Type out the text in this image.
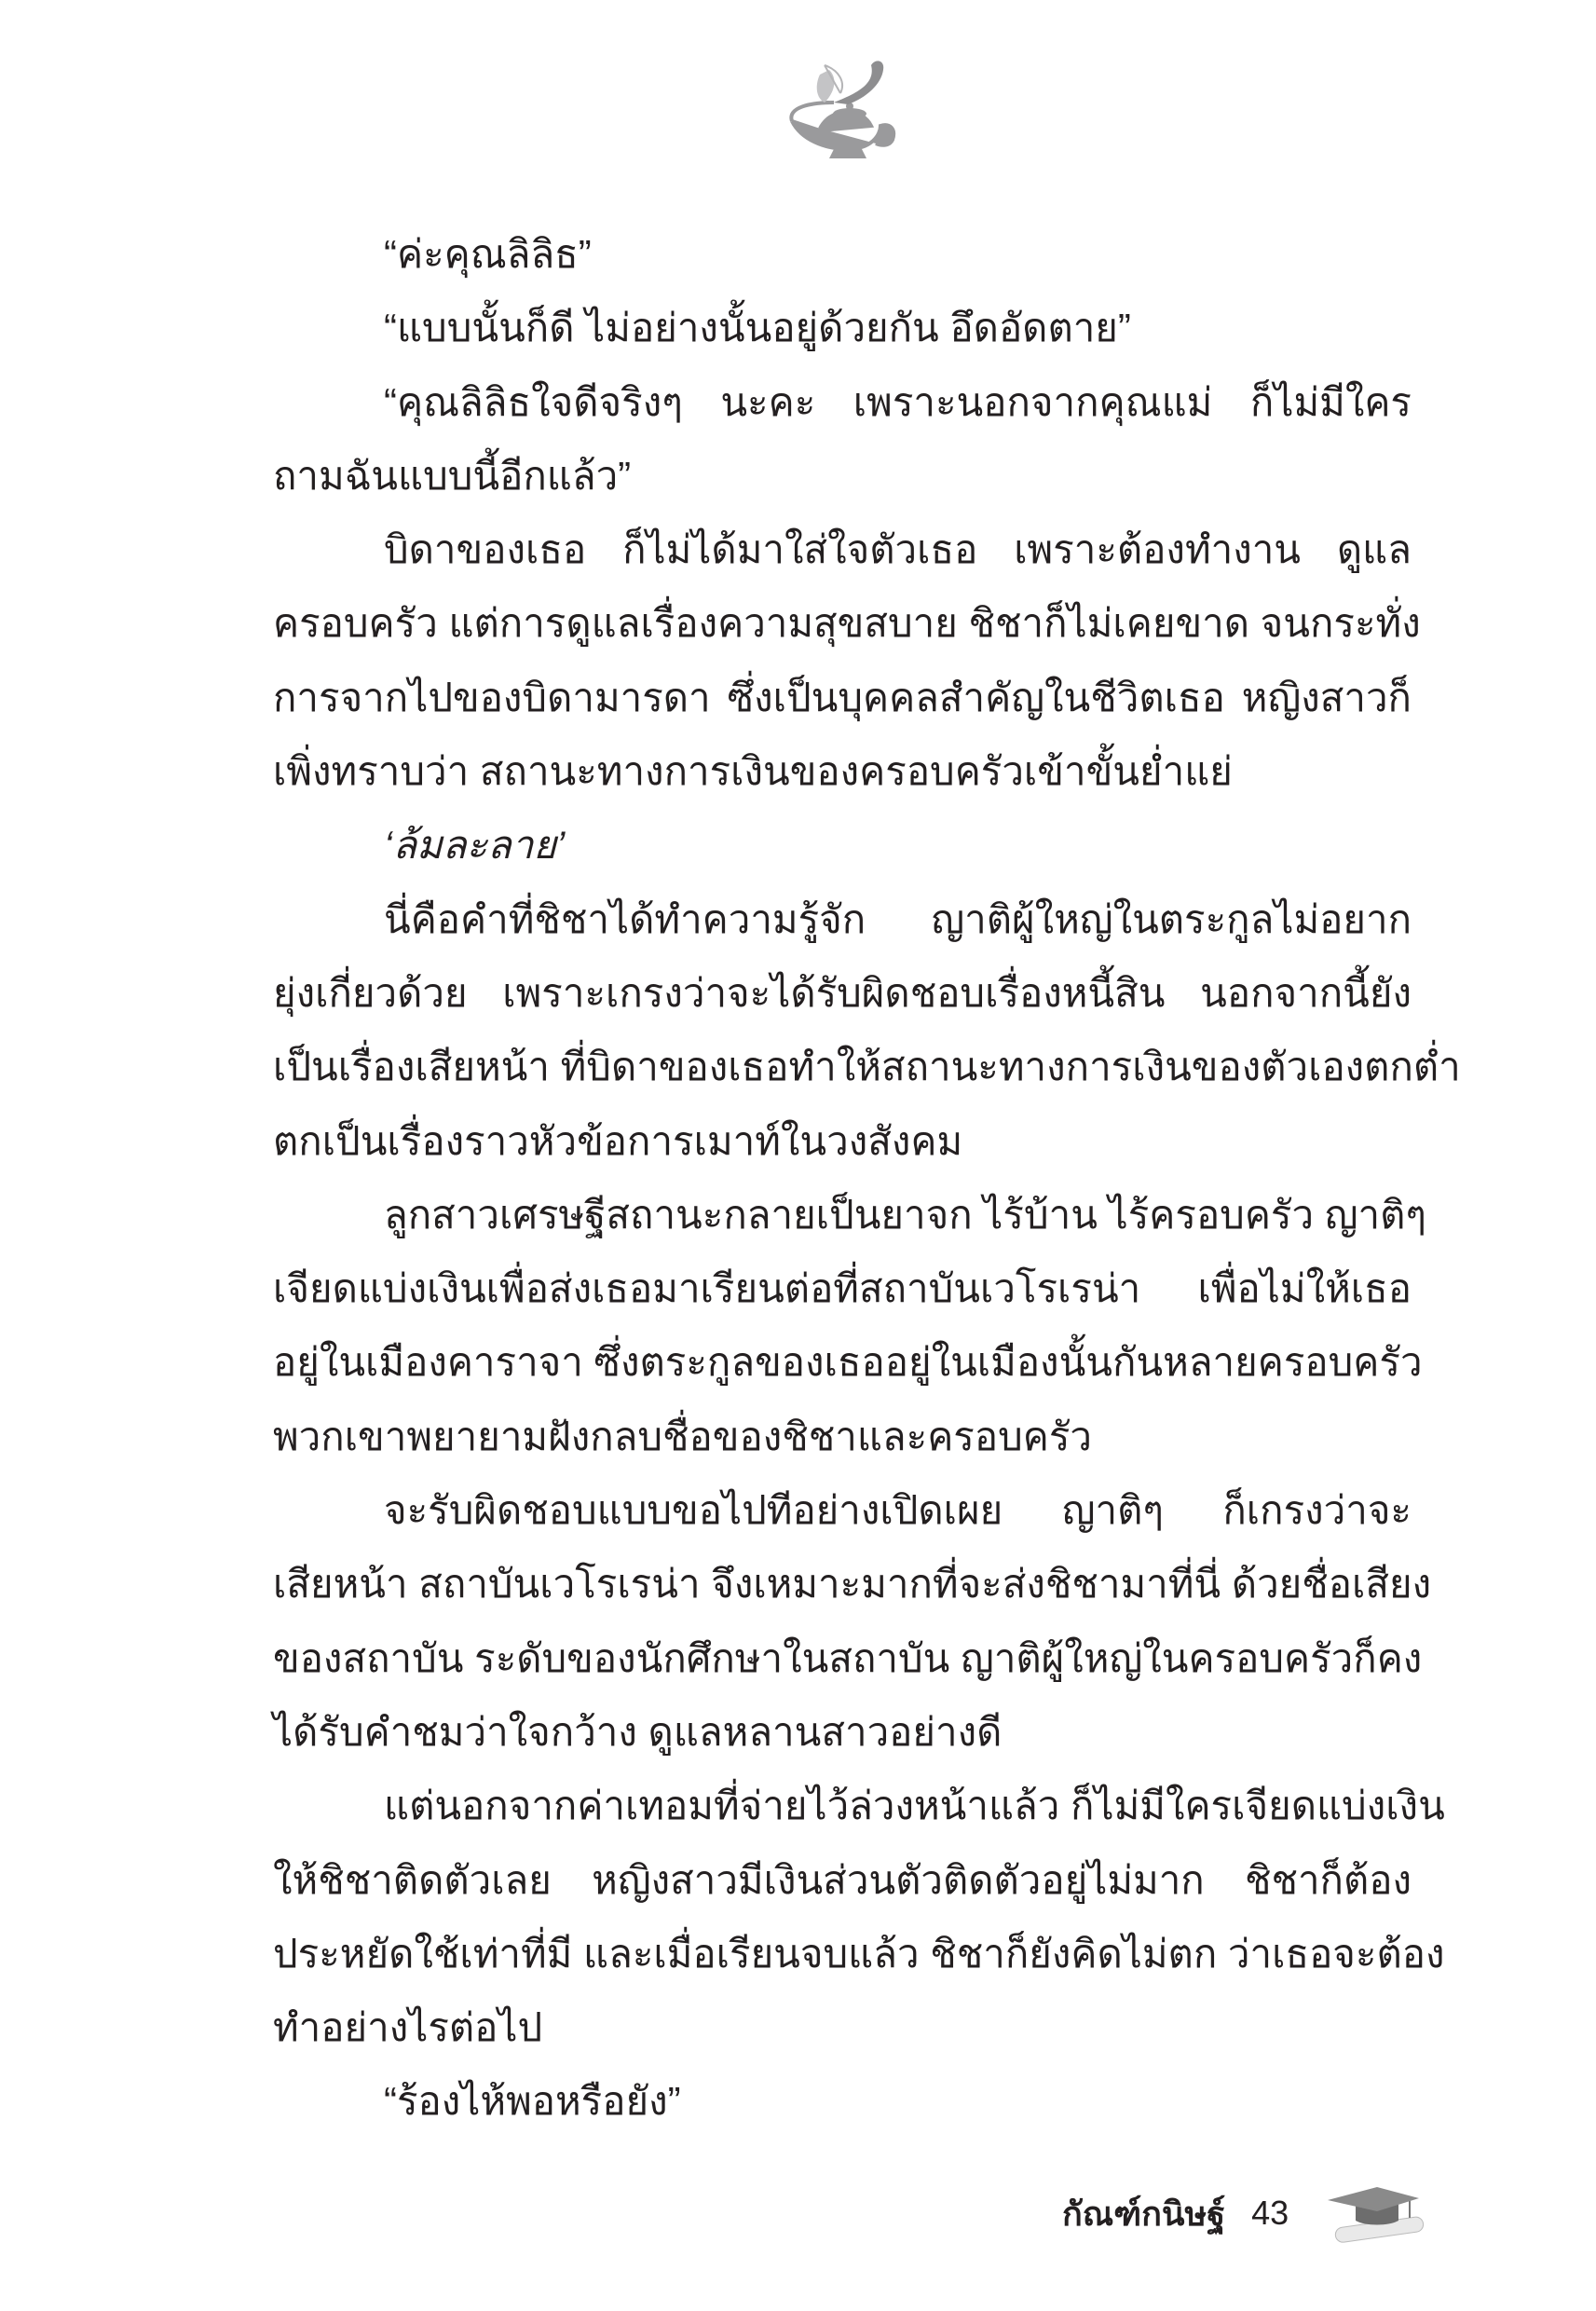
“ค่ะคุณลิลิธ”
“แบบนั้นก็ดี ไม่อย่างนั้นอยู่ด้วยกัน อึดอัดตาย”
“คุณลิลิธใจดีจริงๆ นะคะ เพราะนอกจากคุณแม่ ก็ไม่มีใคร
ถามฉันแบบนี้อีกแล้ว”
บิดาของเธอ ก็ไม่ได้มาใส่ใจตัวเธอ เพราะต้องทำงาน ดูแล
ครอบครัว แต่การดูแลเรื่องความสุขสบาย ชิชาก็ไม่เคยขาด จนกระทั่ง
การจากไปของบิดามารดา ซึ่งเป็นบุคคลสำคัญในชีวิตเธอ หญิงสาวก็
เพิ่งทราบว่า สถานะทางการเงินของครอบครัวเข้าขั้นย่ำแย่
‘ล้มละลาย’
นี่คือคำที่ชิชาได้ทำความรู้จัก ญาติผู้ใหญ่ในตระกูลไม่อยาก
ยุ่งเกี่ยวด้วย เพราะเกรงว่าจะได้รับผิดชอบเรื่องหนี้สิน นอกจากนี้ยัง
เป็นเรื่องเสียหน้า ที่บิดาของเธอทำให้สถานะทางการเงินของตัวเองตกต่ำ
ตกเป็นเรื่องราวหัวข้อการเมาท์ในวงสังคม
ลูกสาวเศรษฐีสถานะกลายเป็นยาจก ไร้บ้าน ไร้ครอบครัว ญาติๆ
เจียดแบ่งเงินเพื่อส่งเธอมาเรียนต่อที่สถาบันเวโรเรน่า เพื่อไม่ให้เธอ
อยู่ในเมืองคาราจา ซึ่งตระกูลของเธออยู่ในเมืองนั้นกันหลายครอบครัว
พวกเขาพยายามฝังกลบชื่อของชิชาและครอบครัว
จะรับผิดชอบแบบขอไปทีอย่างเปิดเผย ญาติๆ ก็เกรงว่าจะ
เสียหน้า สถาบันเวโรเรน่า จึงเหมาะมากที่จะส่งชิชามาที่นี่ ด้วยชื่อเสียง
ของสถาบัน ระดับของนักศึกษาในสถาบัน ญาติผู้ใหญ่ในครอบครัวก็คง
ได้รับคำชมว่าใจกว้าง ดูแลหลานสาวอย่างดี
แต่นอกจากค่าเทอมที่จ่ายไว้ล่วงหน้าแล้ว ก็ไม่มีใครเจียดแบ่งเงิน
ให้ชิชาติดตัวเลย หญิงสาวมีเงินส่วนตัวติดตัวอยู่ไม่มาก ชิชาก็ต้อง
ประหยัดใช้เท่าที่มี และเมื่อเรียนจบแล้ว ชิชาก็ยังคิดไม่ตก ว่าเธอจะต้อง
ทำอย่างไรต่อไป
“ร้องไห้พอหรือยัง”
กัณฑ์กนิษฐ์ 43
